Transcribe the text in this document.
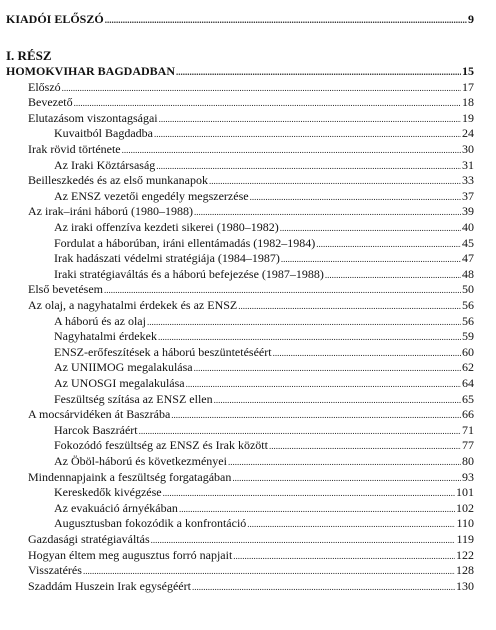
KIADÓI ELŐSZÓ .....	9
I. RÉSZ
HOMOKVIHAR BAGDADBAN .....	15
Előszó .....	17
Bevezető .....	18
Elutazásom viszontagságai .....	19
Kuvaitból Bagdadba .....	24
Irak rövid története .....	30
Az Iraki Köztársaság .....	31
Beilleszkedés és az első munkanapok .....	33
Az ENSZ vezetői engedély megszerzése .....	37
Az irak–iráni háború (1980–1988) .....	39
Az iraki offenzíva kezdeti sikerei (1980–1982) .....	40
Fordulat a háborúban, iráni ellentámadás (1982–1984) .....	45
Irak hadászati védelmi stratégiája (1984–1987) .....	47
Iraki stratégiaváltás és a háború befejezése (1987–1988) .....	48
Első bevetésem .....	50
Az olaj, a nagyhatalmi érdekek és az ENSZ .....	56
A háború és az olaj .....	56
Nagyhatalmi érdekek .....	59
ENSZ-erőfeszítések a háború beszüntetéséért .....	60
Az UNIIMOG megalakulása .....	62
Az UNOSGI megalakulása .....	64
Feszültség szítása az ENSZ ellen .....	65
A mocsárvidéken át Baszrába .....	66
Harcok Baszráért .....	71
Fokozódó feszültség az ENSZ és Irak között .....	77
Az Öböl-háború és következményei .....	80
Mindennapjaink a feszültség forgatagában .....	93
Kereskedők kivégzése .....	101
Az evakuáció árnyékában .....	102
Augusztusban fokozódik a konfrontáció .....	110
Gazdasági stratégiaváltás .....	119
Hogyan éltem meg augusztus forró napjait .....	122
Visszatérés .....	128
Szaddám Huszein Irak egységéért .....	130
